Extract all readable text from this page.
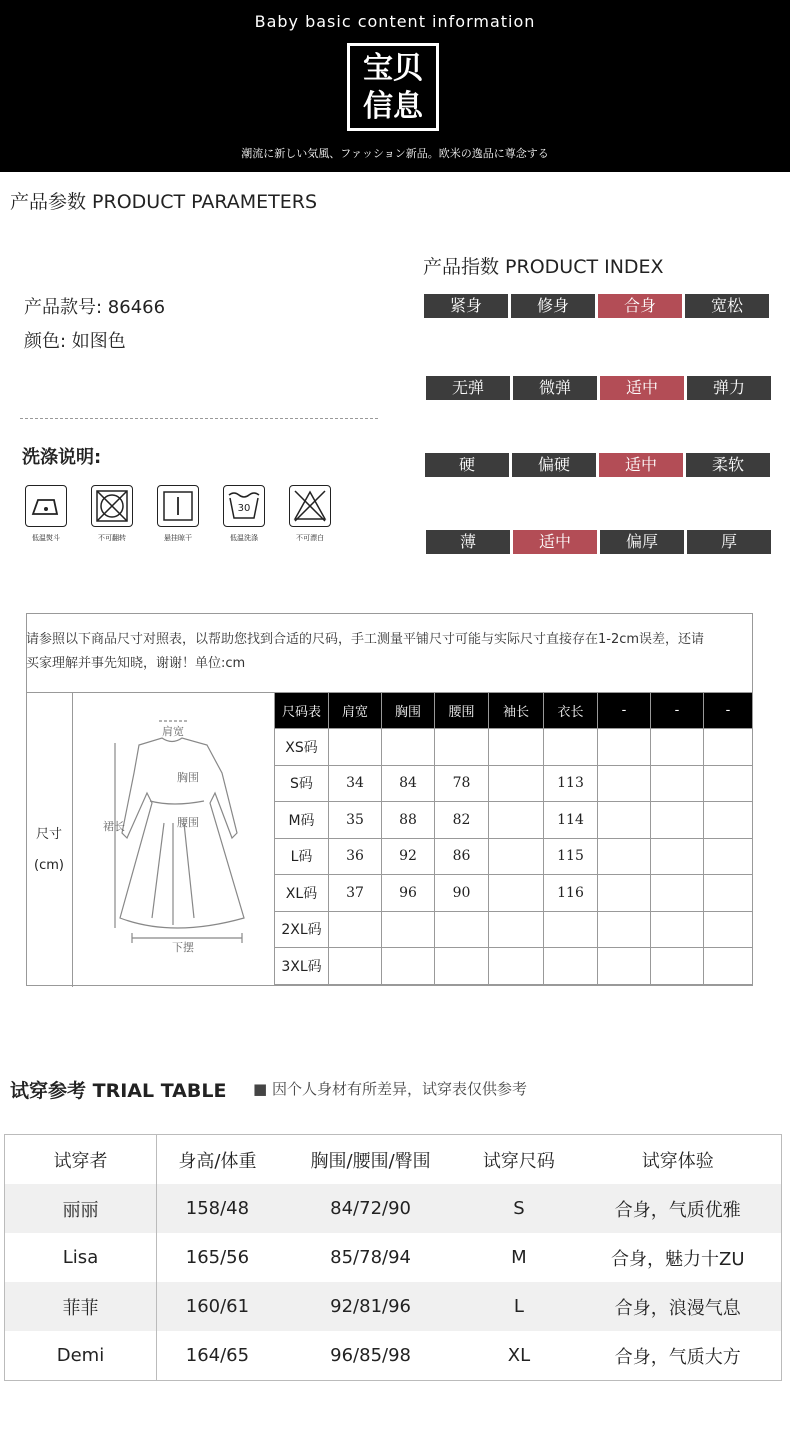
Baby basic content information
宝贝
信息
潮流に新しい気風、ファッション新品。欧米の逸品に尊念する
产品参数 PRODUCT PARAMETERS
产品款号: 86466
颜色: 如图色
洗涤说明:
低温熨斗	不可翻转	悬挂晾干
30
低温洗涤	不可漂白
产品指数 PRODUCT INDEX
紧身	修身	合身	宽松
无弹	微弹	适中	弹力
硬	偏硬	适中	柔软
薄	适中	偏厚	厚
请参照以下商品尺寸对照表，以帮助您找到合适的尺码，手工测量平铺尺寸可能与实际尺寸直接存在1-2cm误差，还请
买家理解并事先知晓，谢谢！单位:cm
尺寸
(cm)
肩宽
胸围
腰围
裙长
下摆
尺码表	肩宽	胸围	腰围	袖长	衣长	-	-	-
XS码								
S码	34	84	78		113			
M码	35	88	82		114			
L码	36	92	86		115			
XL码	37	96	90		116			
2XL码								
3XL码								
试穿参考 TRIAL TABLE ■ 因个人身材有所差异，试穿表仅供参考
试穿者	身高/体重	胸围/腰围/臀围	试穿尺码	试穿体验
丽丽	158/48	84/72/90	S	合身，气质优雅
Lisa	165/56	85/78/94	M	合身，魅力十ZU
菲菲	160/61	92/81/96	L	合身，浪漫气息
Demi	164/65	96/85/98	XL	合身，气质大方
